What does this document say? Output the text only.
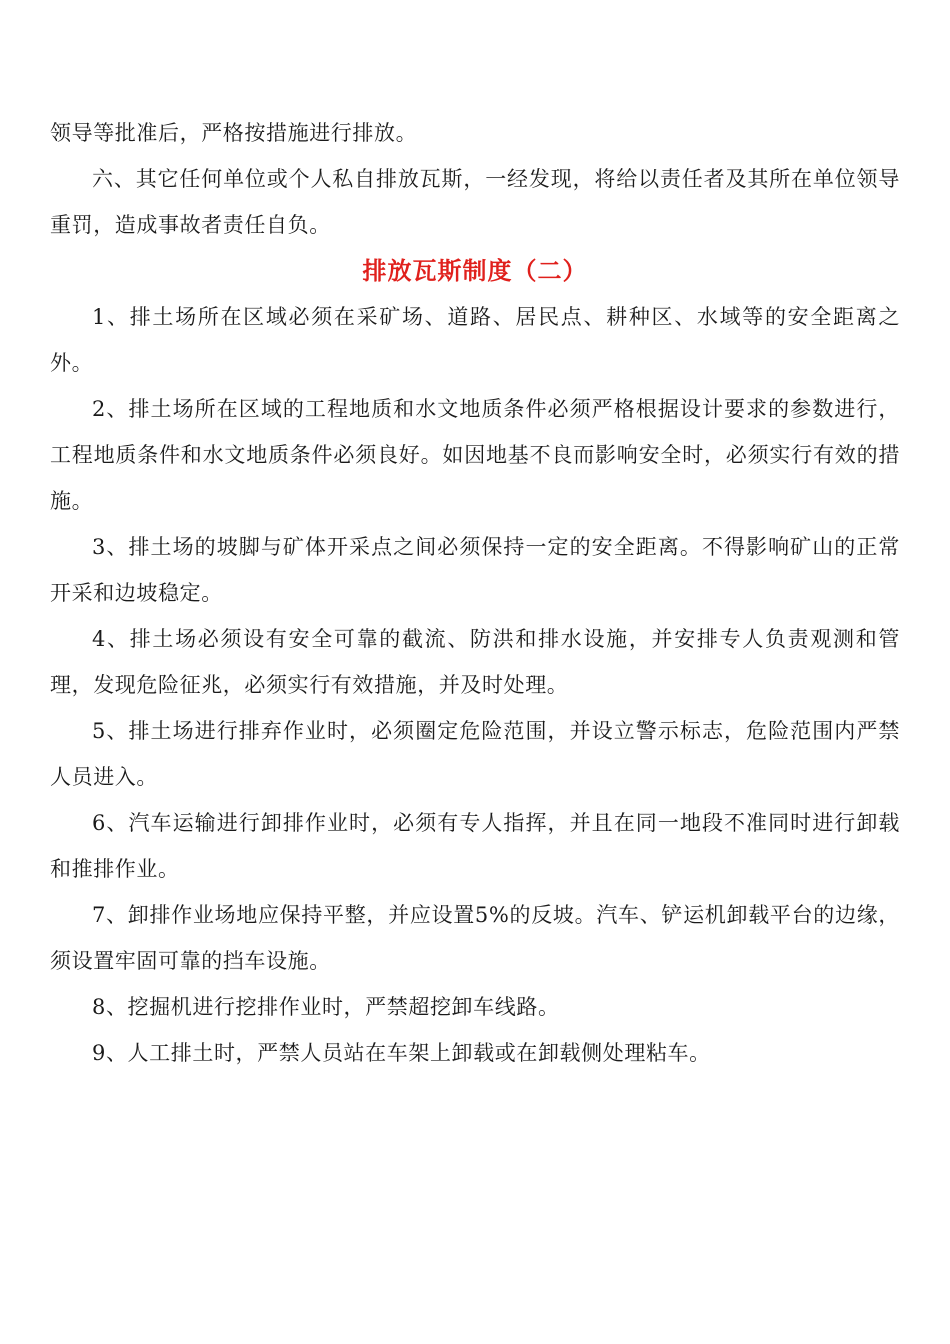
领导等批准后，严格按措施进行排放。

六、其它任何单位或个人私自排放瓦斯，一经发现，将给以责任者及其所在单位领导重罚，造成事故者责任自负。

排放瓦斯制度（二）

1、排土场所在区域必须在采矿场、道路、居民点、耕种区、水域等的安全距离之外。

2、排土场所在区域的工程地质和水文地质条件必须严格根据设计要求的参数进行，工程地质条件和水文地质条件必须良好。如因地基不良而影响安全时，必须实行有效的措施。

3、排土场的坡脚与矿体开采点之间必须保持一定的安全距离。不得影响矿山的正常开采和边坡稳定。

4、排土场必须设有安全可靠的截流、防洪和排水设施，并安排专人负责观测和管理，发现危险征兆，必须实行有效措施，并及时处理。

5、排土场进行排弃作业时，必须圈定危险范围，并设立警示标志，危险范围内严禁人员进入。

6、汽车运输进行卸排作业时，必须有专人指挥，并且在同一地段不准同时进行卸载和推排作业。

7、卸排作业场地应保持平整，并应设置5%的反坡。汽车、铲运机卸载平台的边缘，须设置牢固可靠的挡车设施。

8、挖掘机进行挖排作业时，严禁超挖卸车线路。

9、人工排土时，严禁人员站在车架上卸载或在卸载侧处理粘车。
